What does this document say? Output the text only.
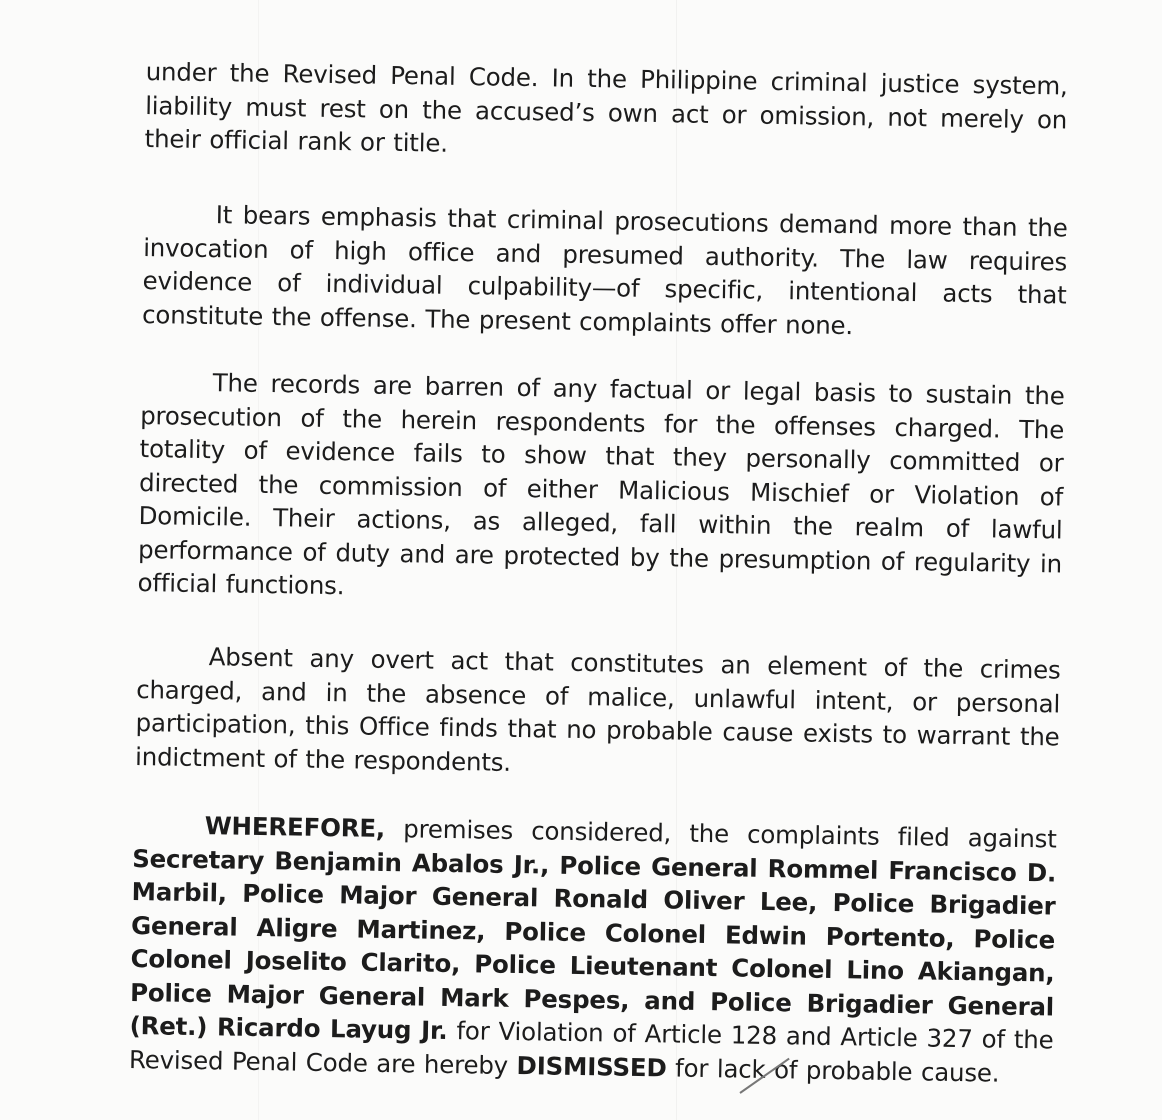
under the Revised Penal Code. In the Philippine criminal justice system, liability must rest on the accused’s own act or omission, not merely on their official rank or title.

It bears emphasis that criminal prosecutions demand more than the invocation of high office and presumed authority. The law requires evidence of individual culpability—of specific, intentional acts that constitute the offense. The present complaints offer none.

The records are barren of any factual or legal basis to sustain the prosecution of the herein respondents for the offenses charged. The totality of evidence fails to show that they personally committed or directed the commission of either Malicious Mischief or Violation of Domicile. Their actions, as alleged, fall within the realm of lawful performance of duty and are protected by the presumption of regularity in official functions.

Absent any overt act that constitutes an element of the crimes charged, and in the absence of malice, unlawful intent, or personal participation, this Office finds that no probable cause exists to warrant the indictment of the respondents.

WHEREFORE, premises considered, the complaints filed against Secretary Benjamin Abalos Jr., Police General Rommel Francisco D. Marbil, Police Major General Ronald Oliver Lee, Police Brigadier General Aligre Martinez, Police Colonel Edwin Portento, Police Colonel Joselito Clarito, Police Lieutenant Colonel Lino Akiangan, Police Major General Mark Pespes, and Police Brigadier General (Ret.) Ricardo Layug Jr. for Violation of Article 128 and Article 327 of the Revised Penal Code are hereby DISMISSED for lack of probable cause.
